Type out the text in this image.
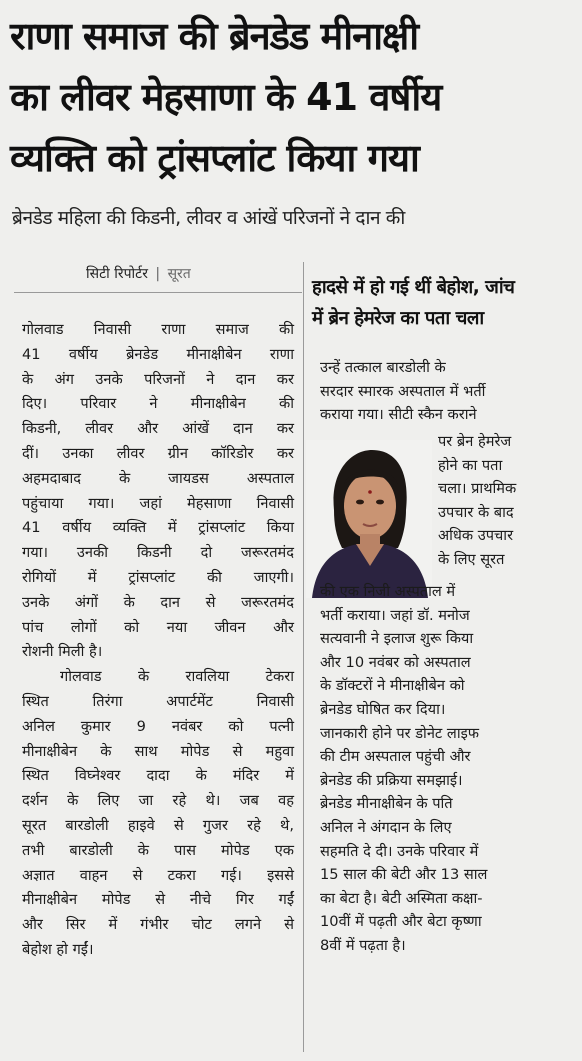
राणा समाज की ब्रेनडेड मीनाक्षी
का लीवर मेहसाणा के 41 वर्षीय
व्यक्ति को ट्रांसप्लांट किया गया
ब्रेनडेड महिला की किडनी, लीवर व आंखें परिजनों ने दान की
सिटी रिपोर्टर | सूरत
गोलवाड निवासी राणा समाज की
41 वर्षीय ब्रेनडेड मीनाक्षीबेन राणा
के अंग उनके परिजनों ने दान कर
दिए। परिवार ने मीनाक्षीबेन की
किडनी, लीवर और आंखें दान कर
दीं। उनका लीवर ग्रीन कॉरिडोर कर
अहमदाबाद के जायडस अस्पताल
पहुंचाया गया। जहां मेहसाणा निवासी
41 वर्षीय व्यक्ति में ट्रांसप्लांट किया
गया। उनकी किडनी दो जरूरतमंद
रोगियों में ट्रांसप्लांट की जाएगी।
उनके अंगों के दान से जरूरतमंद
पांच लोगों को नया जीवन और
रोशनी मिली है।
गोलवाड के रावलिया टेकरा
स्थित तिरंगा अपार्टमेंट निवासी
अनिल कुमार 9 नवंबर को पत्नी
मीनाक्षीबेन के साथ मोपेड से महुवा
स्थित विघ्नेश्वर दादा के मंदिर में
दर्शन के लिए जा रहे थे। जब वह
सूरत बारडोली हाइवे से गुजर रहे थे,
तभी बारडोली के पास मोपेड एक
अज्ञात वाहन से टकरा गई। इससे
मीनाक्षीबेन मोपेड से नीचे गिर गईं
और सिर में गंभीर चोट लगने से
बेहोश हो गईं।
हादसे में हो गई थीं बेहोश, जांच
में ब्रेन हेमरेज का पता चला
उन्हें तत्काल बारडोली के
सरदार स्मारक अस्पताल में भर्ती
कराया गया। सीटी स्कैन कराने
पर ब्रेन हेमरेज
होने का पता
चला। प्राथमिक
उपचार के बाद
अधिक उपचार
के लिए सूरत
की एक निजी अस्पताल में
भर्ती कराया। जहां डॉ. मनोज
सत्यवानी ने इलाज शुरू किया
और 10 नवंबर को अस्पताल
के डॉक्टरों ने मीनाक्षीबेन को
ब्रेनडेड घोषित कर दिया।
जानकारी होने पर डोनेट लाइफ
की टीम अस्पताल पहुंची और
ब्रेनडेड की प्रक्रिया समझाई।
ब्रेनडेड मीनाक्षीबेन के पति
अनिल ने अंगदान के लिए
सहमति दे दी। उनके परिवार में
15 साल की बेटी और 13 साल
का बेटा है। बेटी अस्मिता कक्षा-
10वीं में पढ़ती और बेटा कृष्णा
8वीं में पढ़ता है।
